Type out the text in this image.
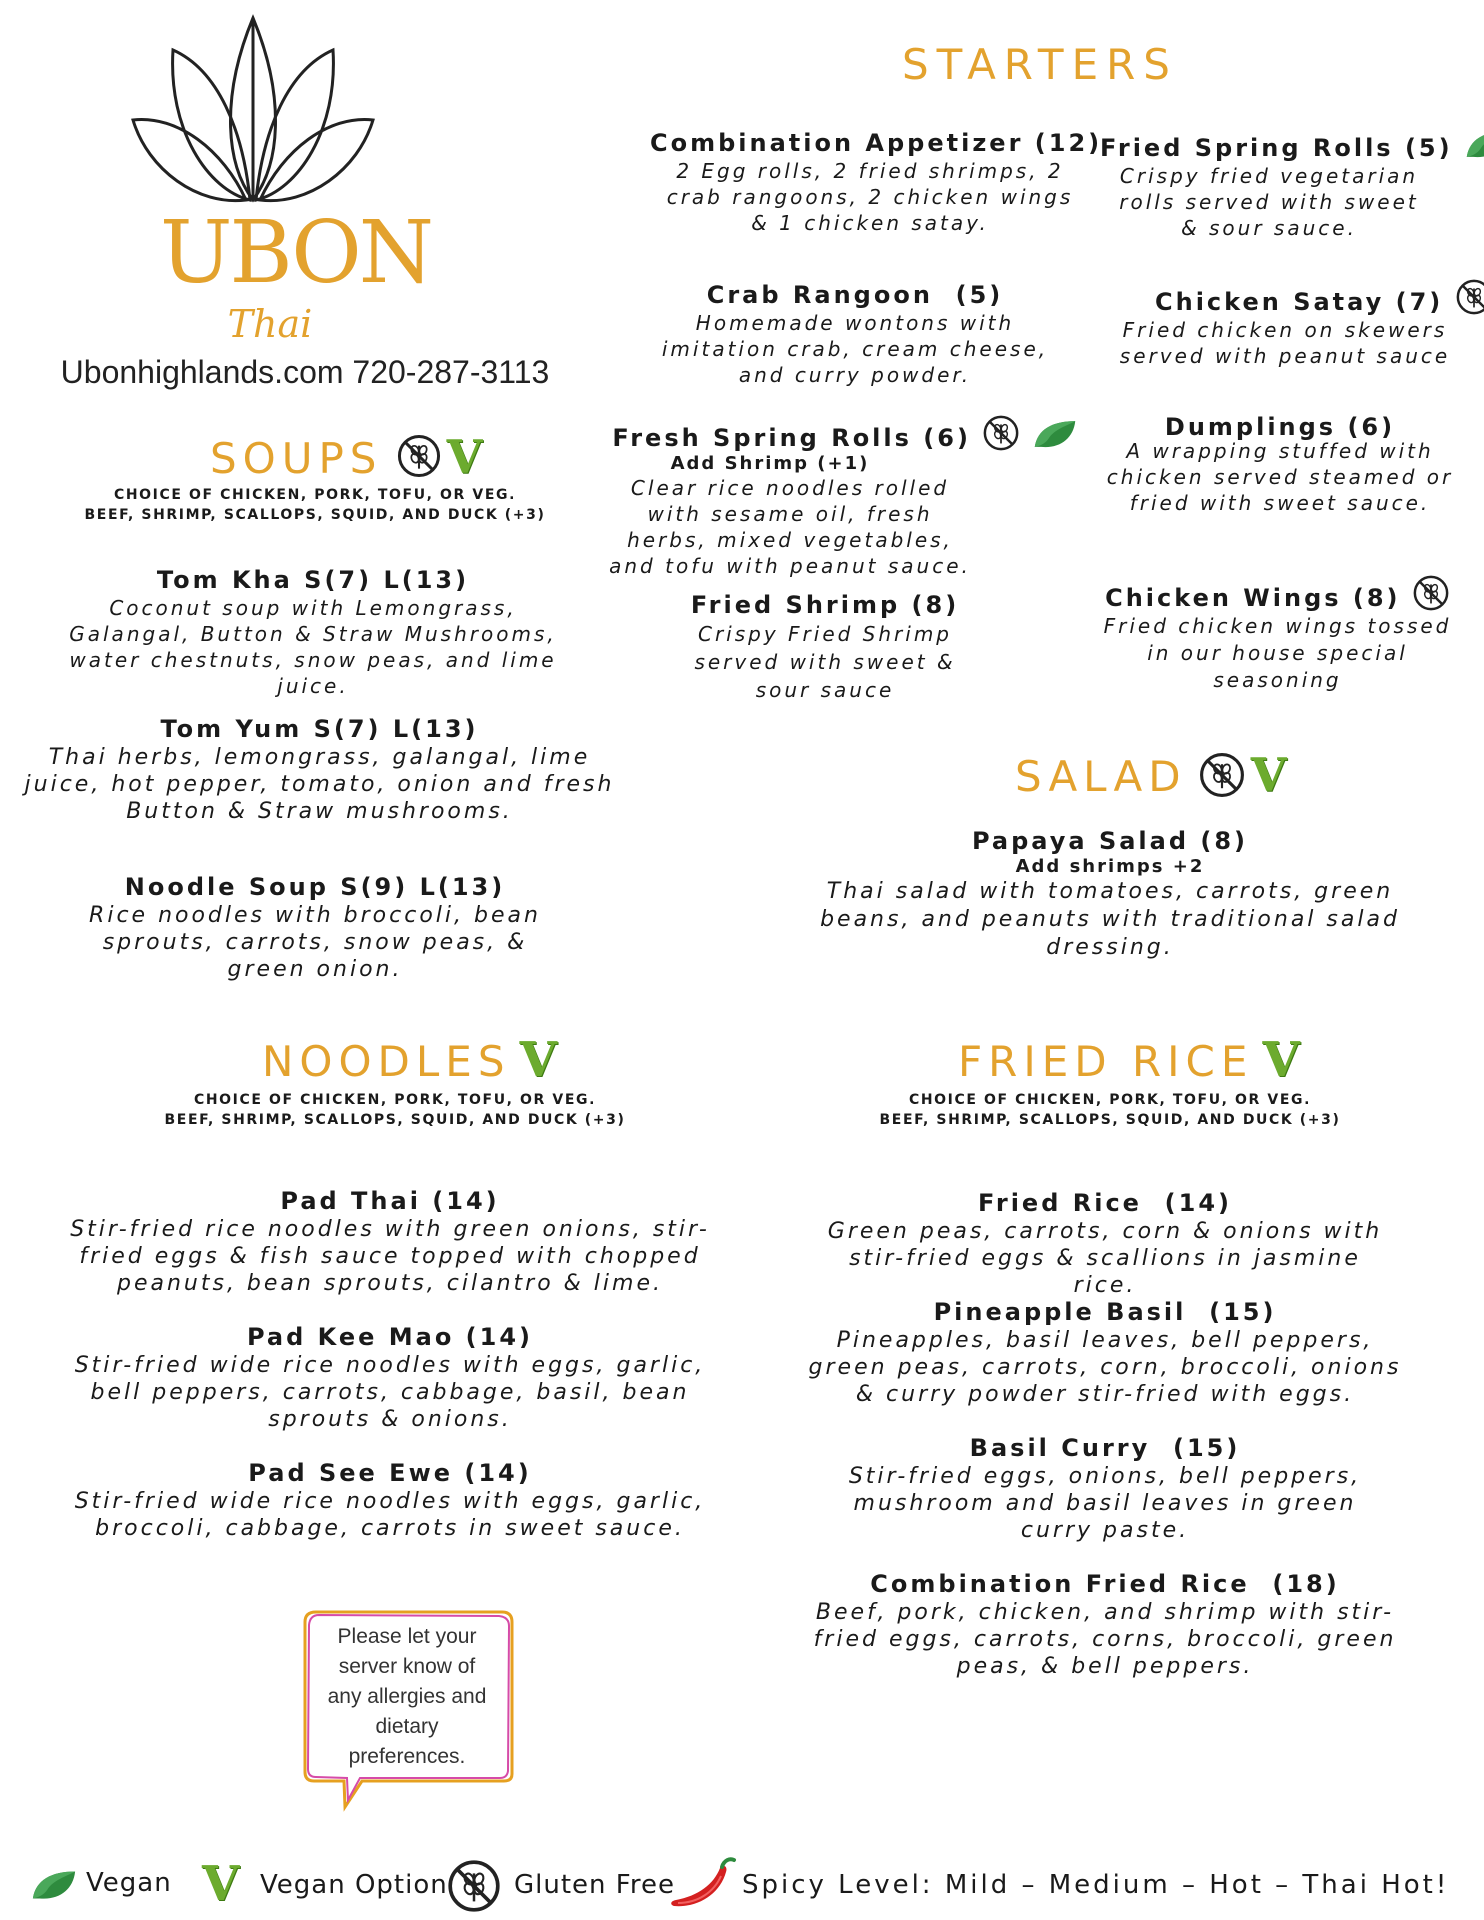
UBON
Thai
Ubonhighlands.com 720-287-3113
STARTERS
Combination Appetizer (12)
2 Egg rolls, 2 fried shrimps, 2 crab rangoons, 2 chicken wings & 1 chicken satay.
Fried Spring Rolls (5)
Crispy fried vegetarian rolls served with sweet & sour sauce.
Crab Rangoon  (5)
Homemade wontons with imitation crab, cream cheese, and curry powder.
Chicken Satay (7)
Fried chicken on skewers served with peanut sauce
Fresh Spring Rolls (6)
Add Shrimp (+1)
Clear rice noodles rolled with sesame oil, fresh herbs, mixed vegetables, and tofu with peanut sauce.
Dumplings (6)
A wrapping stuffed with chicken served steamed or fried with sweet sauce.
Fried Shrimp (8)
Crispy Fried Shrimp served with sweet & sour sauce
Chicken Wings (8)
Fried chicken wings tossed in our house special seasoning
SOUPS V
CHOICE OF CHICKEN, PORK, TOFU, OR VEG.
BEEF, SHRIMP, SCALLOPS, SQUID, AND DUCK (+3)
Tom Kha S(7) L(13)
Coconut soup with Lemongrass, Galangal, Button & Straw Mushrooms, water chestnuts, snow peas, and lime juice.
Tom Yum S(7) L(13)
Thai herbs, lemongrass, galangal, lime juice, hot pepper, tomato, onion and fresh Button & Straw mushrooms.
Noodle Soup S(9) L(13)
Rice noodles with broccoli, bean sprouts, carrots, snow peas, & green onion.
SALAD V
Papaya Salad (8)
Add shrimps +2
Thai salad with tomatoes, carrots, green beans, and peanuts with traditional salad dressing.
NOODLES V
CHOICE OF CHICKEN, PORK, TOFU, OR VEG.
BEEF, SHRIMP, SCALLOPS, SQUID, AND DUCK (+3)
Pad Thai (14)
Stir-fried rice noodles with green onions, stir-fried eggs & fish sauce topped with chopped peanuts, bean sprouts, cilantro & lime.
Pad Kee Mao (14)
Stir-fried wide rice noodles with eggs, garlic, bell peppers, carrots, cabbage, basil, bean sprouts & onions.
Pad See Ewe (14)
Stir-fried wide rice noodles with eggs, garlic, broccoli, cabbage, carrots in sweet sauce.
FRIED RICE V
CHOICE OF CHICKEN, PORK, TOFU, OR VEG.
BEEF, SHRIMP, SCALLOPS, SQUID, AND DUCK (+3)
Fried Rice  (14)
Green peas, carrots, corn & onions with stir-fried eggs & scallions in jasmine rice.
Pineapple Basil  (15)
Pineapples, basil leaves, bell peppers, green peas, carrots, corn, broccoli, onions & curry powder stir-fried with eggs.
Basil Curry  (15)
Stir-fried eggs, onions, bell peppers, mushroom and basil leaves in green curry paste.
Combination Fried Rice  (18)
Beef, pork, chicken, and shrimp with stir-fried eggs, carrots, corns, broccoli, green peas, & bell peppers.
Please let your server know of any allergies and dietary preferences.
Vegan V Vegan Option	Gluten Free	Spicy Level: Mild – Medium – Hot – Thai Hot!
